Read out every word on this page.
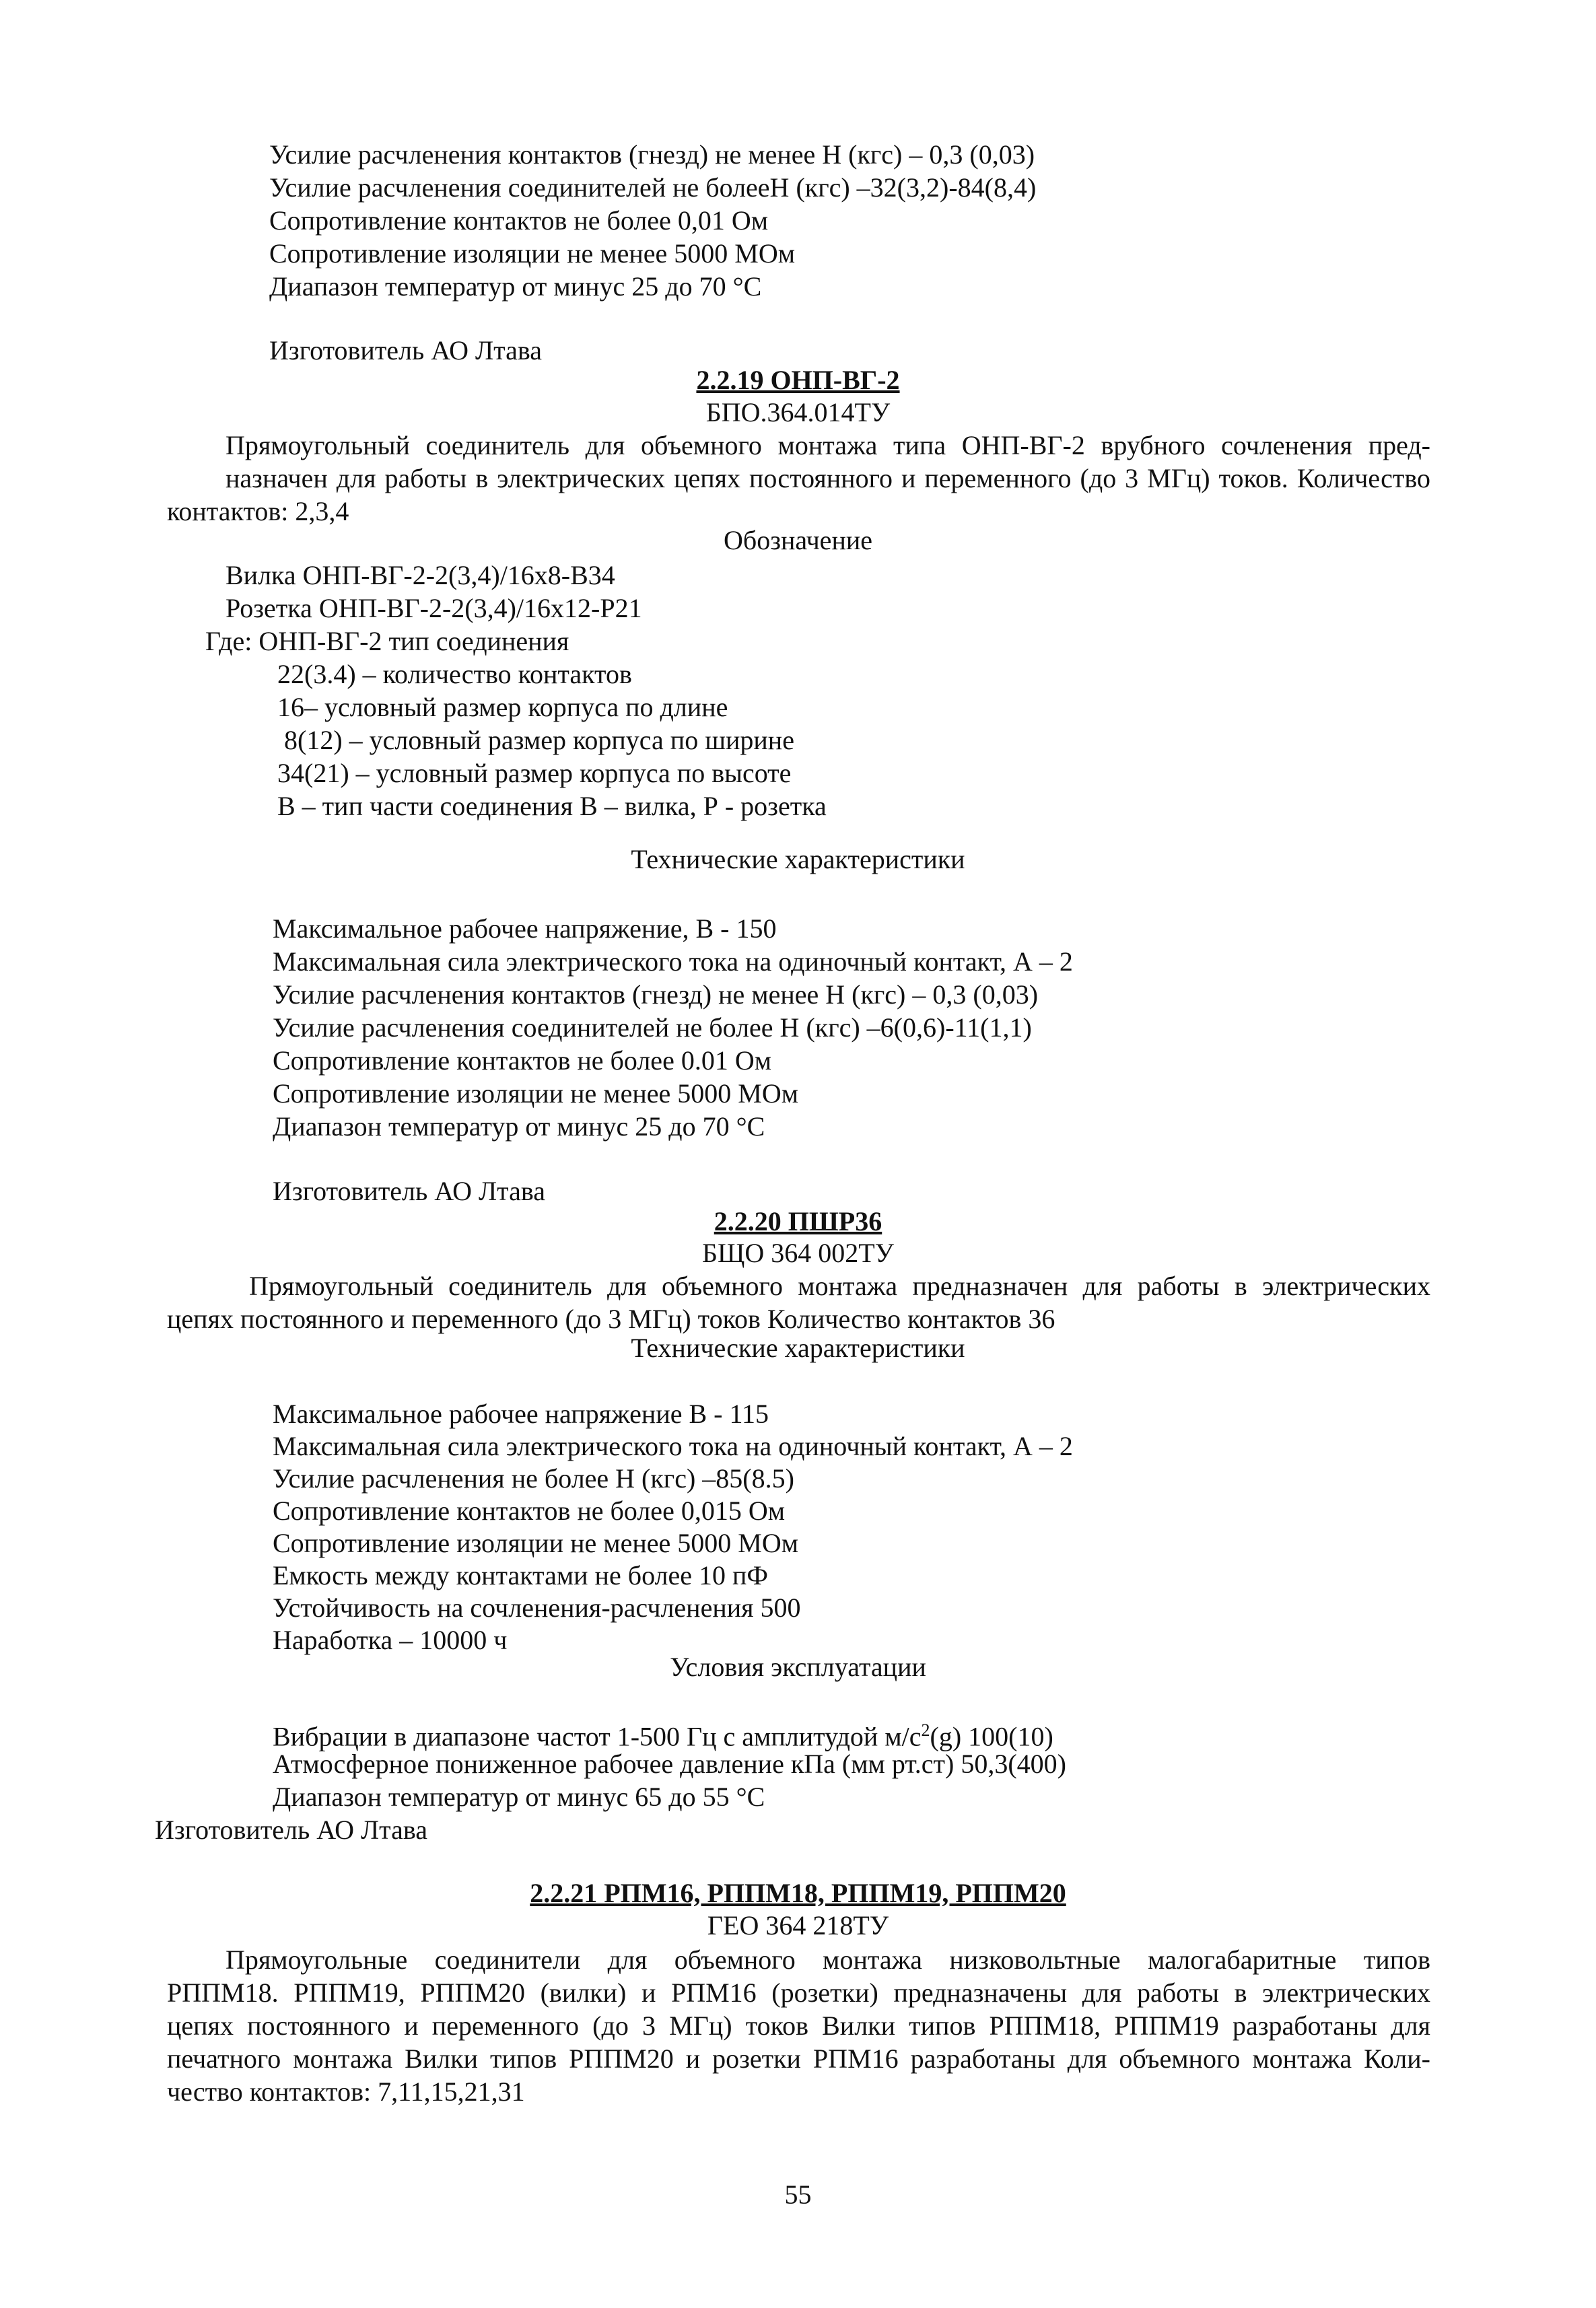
Усилие расчленения контактов (гнезд) не менее Н (кгс) – 0,3 (0,03)
Усилие расчленения соединителей не болееН (кгс) –32(3,2)-84(8,4)
Сопротивление контактов не более 0,01 Ом
Сопротивление изоляции не менее 5000 МОм
Диапазон температур от минус 25 до 70 °С
Изготовитель АО Лтава
2.2.19 ОНП-ВГ-2
БПО.364.014ТУ
Прямоугольный соединитель для объемного монтажа типа ОНП-ВГ-2 врубного сочленения пред-
назначен для работы в электрических цепях постоянного и переменного (до 3 МГц) токов. Количество
контактов: 2,3,4
Обозначение
Вилка ОНП-ВГ-2-2(3,4)/16х8-В34
Розетка ОНП-ВГ-2-2(3,4)/16х12-Р21
Где: ОНП-ВГ-2 тип соединения
22(3.4) – количество контактов
16– условный размер корпуса по длине
8(12) – условный размер корпуса по ширине
34(21) – условный размер корпуса по высоте
В – тип части соединения В – вилка, Р - розетка
Технические характеристики
Максимальное рабочее напряжение, В - 150
Максимальная сила электрического тока на одиночный контакт, А – 2
Усилие расчленения контактов (гнезд) не менее Н (кгс) – 0,3 (0,03)
Усилие расчленения соединителей не более Н (кгс) –6(0,6)-11(1,1)
Сопротивление контактов не более 0.01 Ом
Сопротивление изоляции не менее 5000 МОм
Диапазон температур от минус 25 до 70 °С
Изготовитель АО Лтава
2.2.20 ПШР36
БЩО 364 002ТУ
Прямоугольный соединитель для объемного монтажа предназначен для работы в электрических
цепях постоянного и переменного (до 3 МГц) токов Количество контактов 36
Технические характеристики
Максимальное рабочее напряжение В - 115
Максимальная сила электрического тока на одиночный контакт, А – 2
Усилие расчленения не более Н (кгс) –85(8.5)
Сопротивление контактов не более 0,015 Ом
Сопротивление изоляции не менее 5000 МОм
Емкость между контактами не более 10 пФ
Устойчивость на сочленения-расчленения 500
Наработка – 10000 ч
Условия эксплуатации
Вибрации в диапазоне частот 1-500 Гц с амплитудой $м/с^2(g)$ 100(10)
Атмосферное пониженное рабочее давление кПа (мм рт.ст) 50,3(400)
Диапазон температур от минус 65 до 55 °С
Изготовитель АО Лтава
2.2.21 РПМ16, РППМ18, РППМ19, РППМ20
ГЕО 364 218ТУ
Прямоугольные соединители для объемного монтажа низковольтные малогабаритные типов
РППМ18. РППМ19, РППМ20 (вилки) и РПМ16 (розетки) предназначены для работы в электрических
цепях постоянного и переменного (до 3 МГц) токов Вилки типов РППМ18, РППМ19 разработаны для
печатного монтажа Вилки типов РППМ20 и розетки РПМ16 разработаны для объемного монтажа Коли-
чество контактов: 7,11,15,21,31
55
